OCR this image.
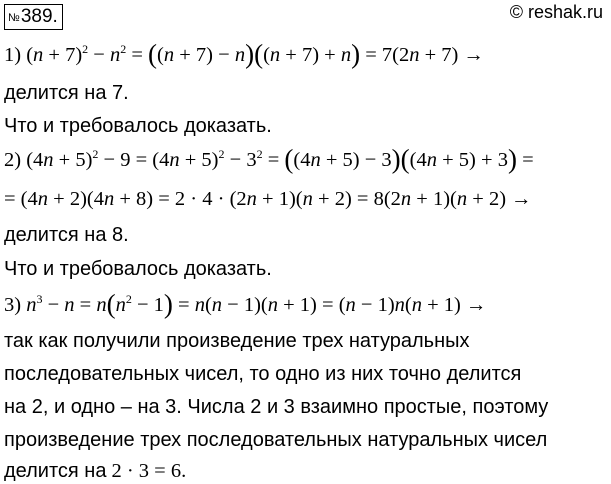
№389.	© reshak.ru
1) $(n + 7)^2 - n^2 = ((n + 7) - n)((n + 7) + n) = 7(2n + 7)$ →
делится на 7.
Что и требовалось доказать.
2) $(4n + 5)^2 - 9 = (4n + 5)^2 - 3^2 = ((4n + 5) - 3)((4n + 5) + 3)$ =
= (4n + 2)(4n + 8) = 2 · 4 · (2n + 1)(n + 2) = 8(2n + 1)(n + 2) →
делится на 8.
Что и требовалось доказать.
3) $n^3 - n = n(n^2 - 1) = n(n - 1)(n + 1) = (n - 1)n(n + 1)$ →
так как получили произведение трех натуральных
последовательных чисел, то одно из них точно делится
на 2, и одно – на 3. Числа 2 и 3 взаимно простые, поэтому
произведение трех последовательных натуральных чисел
делится на 2 · 3 = 6.
